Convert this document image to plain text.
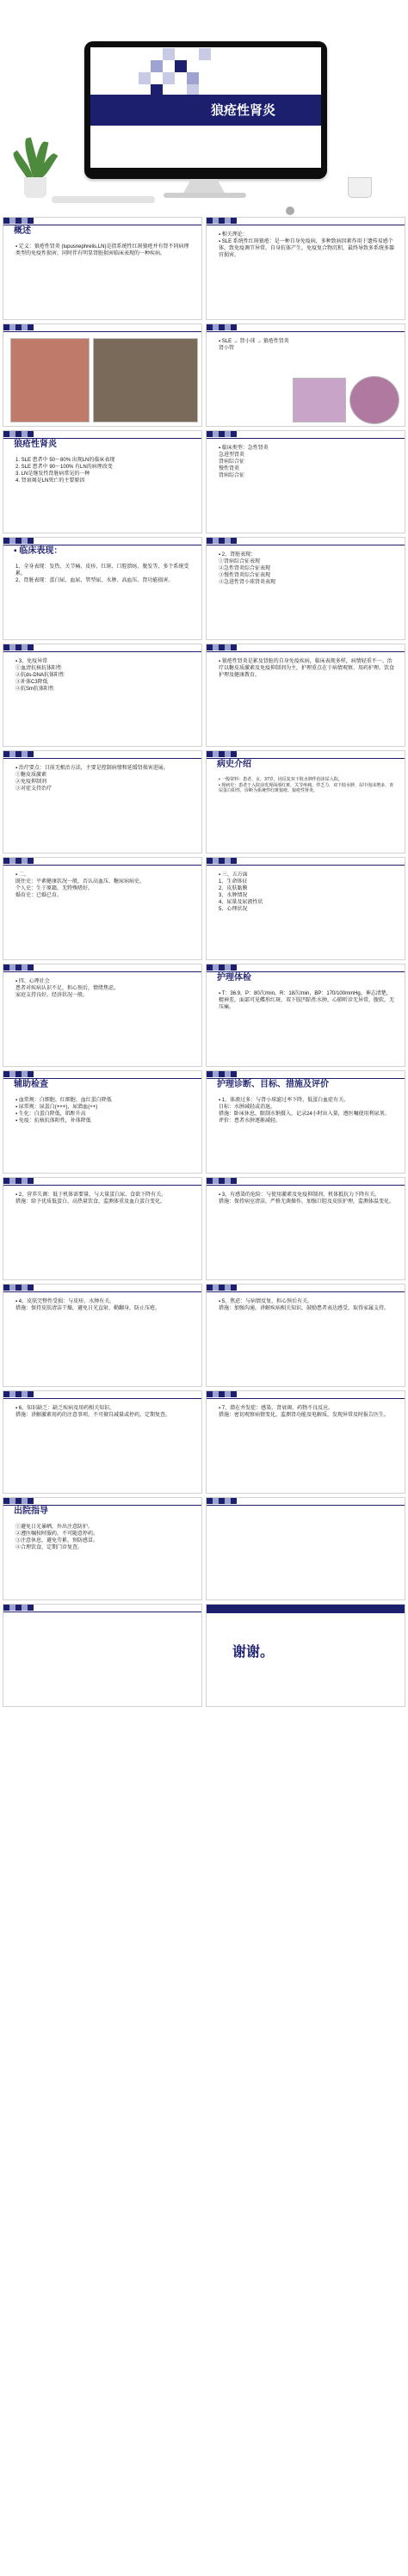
狼疮性肾炎
概述
▪ 定义：狼疮性肾炎 (lupusnephrelis,LN)是指系统性红斑狼疮并有肾不同病理类型的免疫性损害，同时伴有明显肾脏损害临床表现的一种疾病。
▪ 相关理论：
▪ SLE 系统性红斑狼疮：是一种自身免疫病，多种致病因素作用于遗传易感个体，致免疫调节异常，自身抗体产生，免疫复合物沉积，最终导致多系统多器官损害。
▪ SLE → 肾小球 → 狼疮性肾炎
肾小管
狼疮性肾炎
1. SLE 患者中 50～80% 出现LN的临床表现
2. SLE 患者中 90～100% 有LN的病理改变
3. LN是继发性肾脏病常见的一种
4. 肾衰竭是LN死亡的主要原因
▪ 临床类型：急性肾炎
急进型肾炎
肾病综合征
慢性肾炎
肾病综合征
▪ 临床表现：
1、全身表现：发热、关节痛、皮疹、红斑、口腔溃疡、脱发等，多个系统受累。
2、肾脏表现：蛋白尿、血尿、管型尿、水肿、高血压、肾功能损害。
▪ 2、肾脏表现：
①肾病综合征表现
②急性肾炎综合征表现
③慢性肾炎综合征表现
④急进性肾小球肾炎表现
▪ 3、免疫异常
①血清抗核抗体阳性
②抗ds-DNA抗体阳性
③补体C3降低
④抗Sm抗体阳性
▪ 狼疮性肾炎是累及肾脏的自身免疫疾病，临床表现多样，病情轻重不一。治疗以糖皮质激素及免疫抑制剂为主，护理重点在于病情观察、用药护理、饮食护理及健康教育。
▪ 治疗要点：目前无根治方法，主要是控制病情和延缓肾损害进展。
①糖皮质激素
②免疫抑制剂
③对症支持治疗
病史介绍
▪ 一般资料：患者，女，37岁，因反复双下肢水肿伴泡沫尿入院。
▪ 现病史：患者于入院前发现面部红斑，关节疼痛，伴乏力，双下肢水肿，尿中泡沫增多，查尿蛋白阳性，诊断为系统性红斑狼疮、狼疮性肾炎。
▪ 二、
既往史：平素健康状况一般，否认高血压、糖尿病病史。
个人史：生于原籍，无特殊嗜好。
婚育史：已婚已育。
▪ 三、五方面
1、生命体征
2、皮肤黏膜
3、水肿情况
4、尿量及尿液性状
5、心理状况
▪ 四、心理社会
患者对疾病认识不足，担心预后，情绪焦虑。
家庭支持良好，经济状况一般。
护理体检
▪ T：36.9，P：80次/min，R：18次/min，BP：170/100mmHg。神志清楚，精神差，面部可见蝶形红斑，双下肢凹陷性水肿，心肺听诊无异常，腹软，无压痛。
辅助检查
▪ 血常规：白细胞、红细胞、血红蛋白降低
▪ 尿常规：尿蛋白(+++)，尿潜血(++)
▪ 生化：白蛋白降低，肌酐升高
▪ 免疫：抗核抗体阳性，补体降低
护理诊断、目标、措施及评价
▪ 1、体液过多：与肾小球滤过率下降、低蛋白血症有关。
目标：水肿减轻或消退。
措施：卧床休息，限制水钠摄入，记录24小时出入量，遵医嘱使用利尿剂。
评价：患者水肿逐渐减轻。
▪ 2、营养失调：低于机体需要量，与大量蛋白尿、食欲下降有关。
措施：给予优质低蛋白、高热量饮食，监测体重及血白蛋白变化。
▪ 3、有感染的危险：与使用激素及免疫抑制剂、机体抵抗力下降有关。
措施：保持病室清洁，严格无菌操作，加强口腔及皮肤护理，监测体温变化。
▪ 4、皮肤完整性受损：与皮疹、水肿有关。
措施：保持皮肤清洁干燥，避免日光直射，勤翻身，防止压疮。
▪ 5、焦虑：与病情反复、担心预后有关。
措施：加强沟通，讲解疾病相关知识，鼓励患者表达感受，取得家属支持。
▪ 6、知识缺乏：缺乏疾病及用药相关知识。
措施：讲解激素用药的注意事项，不可擅自减量或停药，定期复查。
▪ 7、潜在并发症：感染、肾衰竭、药物不良反应。
措施：密切观察病情变化，监测肾功能及电解质，发现异常及时报告医生。
出院指导
①避免日光暴晒，外出注意防护。
②遵医嘱按时服药，不可随意停药。
③注意休息，避免劳累，预防感冒。
④合理饮食，定期门诊复查。
谢谢。
